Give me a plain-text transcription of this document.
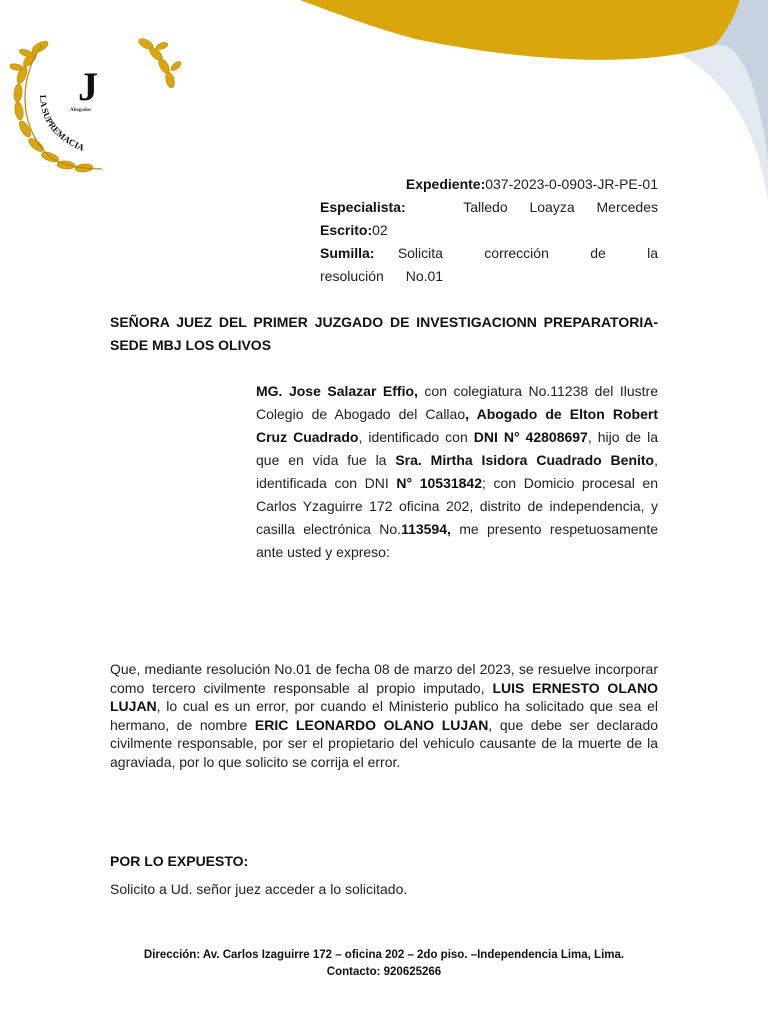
LA SUPREMACIA
J
Abogados
Expediente:037-2023-0-0903-JR-PE-01
Especialista:	Talledo Loayza Mercedes
Escrito:02
Sumilla: Solicita corrección de la resolución No.01
SEÑORA JUEZ DEL PRIMER JUZGADO DE INVESTIGACIONN PREPARATORIA-SEDE MBJ LOS OLIVOS
MG. Jose Salazar Effio, con colegiatura No.11238 del Ilustre Colegio de Abogado del Callao, Abogado de Elton Robert Cruz Cuadrado, identificado con DNI N° 42808697, hijo de la que en vida fue la Sra. Mirtha Isidora Cuadrado Benito, identificada con DNI N° 10531842; con Domicio procesal en Carlos Yzaguirre 172 oficina 202, distrito de independencia, y casilla electrónica No.113594, me presento respetuosamente ante usted y expreso:
Que, mediante resolución No.01 de fecha 08 de marzo del 2023, se resuelve incorporar como tercero civilmente responsable al propio imputado, LUIS ERNESTO OLANO LUJAN, lo cual es un error, por cuando el Ministerio publico ha solicitado que sea el hermano, de nombre ERIC LEONARDO OLANO LUJAN, que debe ser declarado civilmente responsable, por ser el propietario del vehiculo causante de la muerte de la agraviada, por lo que solicito se corrija el error.
POR LO EXPUESTO:
Solicito a Ud. señor juez acceder a lo solicitado.
Dirección: Av. Carlos Izaguirre 172 – oficina 202 – 2do piso. –Independencia Lima, Lima.
Contacto: 920625266
